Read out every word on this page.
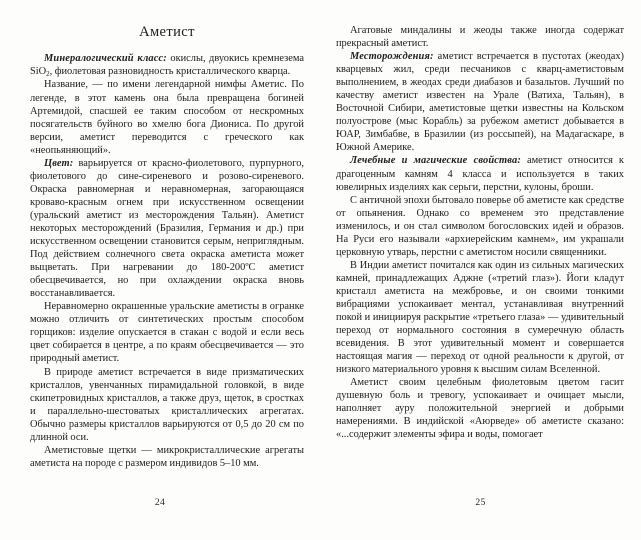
Аметист

Минералогический класс: окислы, двуокись кремнезема SiO$_2$, фиолетовая разновидность кристаллического кварца.

Название, — по имени легендарной нимфы Аметис. По легенде, в этот камень она была превращена богиней Артемидой, спасшей ее таким способом от нескромных посягательств буйного во хмелю бога Диониса. По другой версии, аметист переводится с греческого как «неопьяняющий».

Цвет: варьируется от красно-фиолетового, пурпурного, фиолетового до сине-сиреневого и розово-сиреневого. Окраска равномерная и неравномерная, загорающаяся кроваво-красным огнем при искусственном освещении (уральский аметист из месторождения Тальян). Аметист некоторых месторождений (Бразилия, Германия и др.) при искусственном освещении становится серым, неприглядным. Под действием солнечного света окраска аметиста может выцветать. При нагревании до 180-200ºС аметист обесцвечивается, но при охлаждении окраска вновь восстанавливается.

Неравномерно окрашенные уральские аметисты в огранке можно отличить от синтетических простым способом горщиков: изделие опускается в стакан с водой и если весь цвет собирается в центре, а по краям обесцвечивается — это природный аметист.

В природе аметист встречается в виде призматических кристаллов, увенчанных пирамидальной головкой, в виде скипетровидных кристаллов, а также друз, щеток, в сростках и параллельно-шестоватых кристаллических агрегатах. Обычно размеры кристаллов варьируются от 0,5 до 20 см по длинной оси.

Аметистовые щетки — микрокристаллические агрегаты аметиста на породе с размером индивидов 5–10 мм.

24

Агатовые миндалины и жеоды также иногда содержат прекрасный аметист.

Месторождения: аметист встречается в пустотах (жеодах) кварцевых жил, среди песчаников с кварц-аметистовым выполнением, в жеодах среди диабазов и базальтов. Лучший по качеству аметист известен на Урале (Ватиха, Тальян), в Восточной Сибири, аметистовые щетки известны на Кольском полуострове (мыс Корабль) за рубежом аметист добывается в ЮАР, Зимбабве, в Бразилии (из россыпей), на Мадагаскаре, в Южной Америке.

Лечебные и магические свойства: аметист относится к драгоценным камням 4 класса и используется в таких ювелирных изделиях как серьги, перстни, кулоны, броши.

С античной эпохи бытовало поверье об аметисте как средстве от опьянения. Однако со временем это представление изменилось, и он стал символом богословских идей и образов. На Руси его называли «архиерейским камнем», им украшали церковную утварь, перстни с аметистом носили священники.

В Индии аметист почитался как один из сильных магических камней, принадлежащих Аджне («третий глаз»). Йоги кладут кристалл аметиста на межбровье, и он своими тонкими вибрациями успокаивает ментал, устанавливая внутренний покой и инициируя раскрытие «третьего глаза» — удивительный переход от нормального состояния в сумеречную область всевидения. В этот удивительный момент и совершается настоящая магия — переход от одной реальности к другой, от низкого материального уровня к высшим силам Вселенной.

Аметист своим целебным фиолетовым цветом гасит душевную боль и тревогу, успокаивает и очищает мысли, наполняет ауру положительной энергией и добрыми намерениями. В индийской «Аюрведе» об аметисте сказано: «...содержит элементы эфира и воды, помогает

25
